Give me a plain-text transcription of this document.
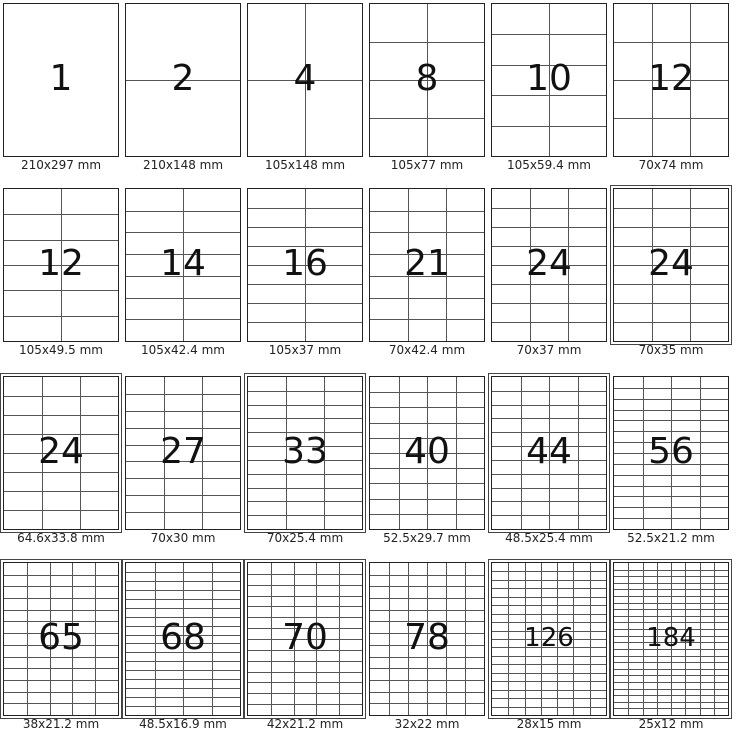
1
210x297 mm
2
210x148 mm
4
105x148 mm
8
105x77 mm
10
105x59.4 mm
12
70x74 mm
12
105x49.5 mm
14
105x42.4 mm
16
105x37 mm
21
70x42.4 mm
24
70x37 mm
24
70x35 mm
24
64.6x33.8 mm
27
70x30 mm
33
70x25.4 mm
40
52.5x29.7 mm
44
48.5x25.4 mm
56
52.5x21.2 mm
65
38x21.2 mm
68
48.5x16.9 mm
70
42x21.2 mm
78
32x22 mm
126
28x15 mm
184
25x12 mm
